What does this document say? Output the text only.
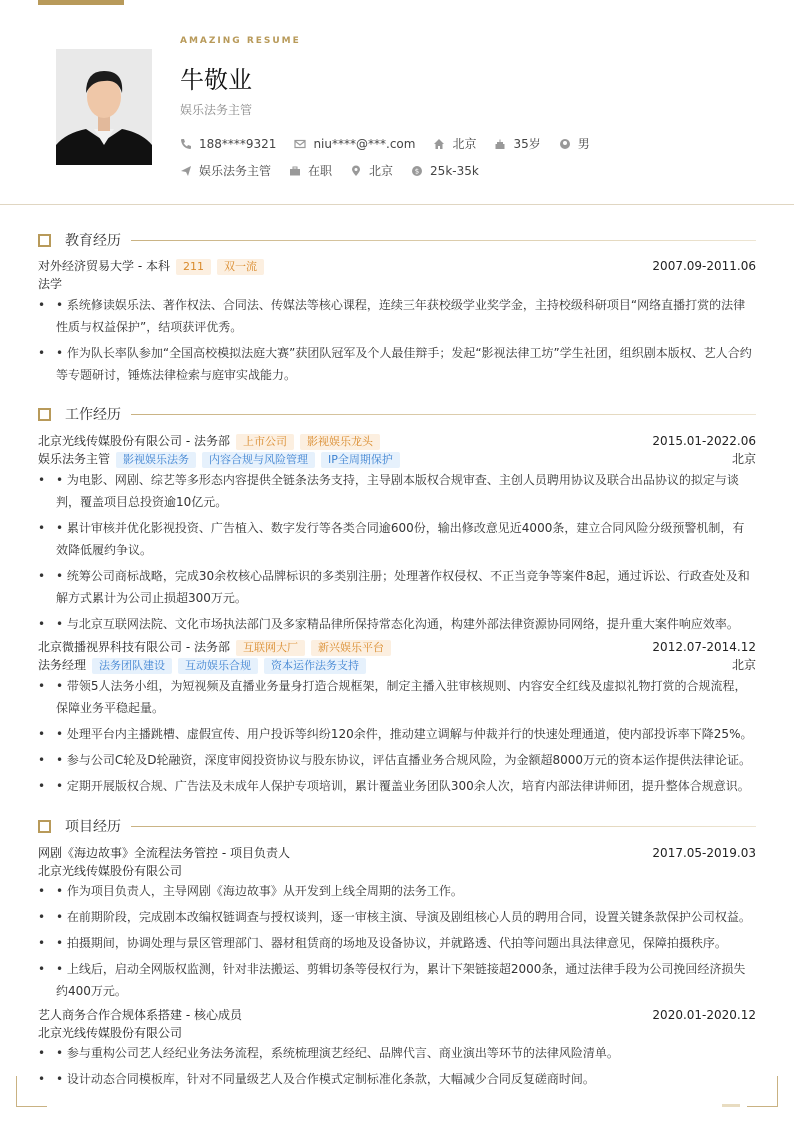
AMAZING RESUME
牛敬业
娱乐法务主管
188****9321	niu****@***.com	北京	35岁	男
娱乐法务主管	在职	北京	$ 25k-35k
教育经历
对外经济贸易大学 - 本科	211	双一流	2007.09-2011.06
法学
• • 系统修读娱乐法、著作权法、合同法、传媒法等核心课程，连续三年获校级学业奖学金，主持校级科研项目“网络直播打赏的法律性质与权益保护”，结项获评优秀。
• • 作为队长率队参加“全国高校模拟法庭大赛”获团队冠军及个人最佳辩手；发起“影视法律工坊”学生社团，组织剧本版权、艺人合约等专题研讨，锤炼法律检索与庭审实战能力。
工作经历
北京光线传媒股份有限公司 - 法务部	上市公司	影视娱乐龙头	2015.01-2022.06
娱乐法务主管	影视娱乐法务	内容合规与风险管理	IP全周期保护	北京
• • 为电影、网剧、综艺等多形态内容提供全链条法务支持，主导剧本版权合规审查、主创人员聘用协议及联合出品协议的拟定与谈判，覆盖项目总投资逾10亿元。
• • 累计审核并优化影视投资、广告植入、数字发行等各类合同逾600份，输出修改意见近4000条，建立合同风险分级预警机制，有效降低履约争议。
• • 统筹公司商标战略，完成30余枚核心品牌标识的多类别注册；处理著作权侵权、不正当竞争等案件8起，通过诉讼、行政查处及和解方式累计为公司止损超300万元。
• • 与北京互联网法院、文化市场执法部门及多家精品律所保持常态化沟通，构建外部法律资源协同网络，提升重大案件响应效率。
北京微播视界科技有限公司 - 法务部	互联网大厂	新兴娱乐平台	2012.07-2014.12
法务经理	法务团队建设	互动娱乐合规	资本运作法务支持	北京
• • 带领5人法务小组，为短视频及直播业务量身打造合规框架，制定主播入驻审核规则、内容安全红线及虚拟礼物打赏的合规流程，保障业务平稳起量。
• • 处理平台内主播跳槽、虚假宣传、用户投诉等纠纷120余件，推动建立调解与仲裁并行的快速处理通道，使内部投诉率下降25%。
• • 参与公司C轮及D轮融资，深度审阅投资协议与股东协议，评估直播业务合规风险，为金额超8000万元的资本运作提供法律论证。
• • 定期开展版权合规、广告法及未成年人保护专项培训，累计覆盖业务团队300余人次，培育内部法律讲师团，提升整体合规意识。
项目经历
网剧《海边故事》全流程法务管控 - 项目负责人	2017.05-2019.03
北京光线传媒股份有限公司
• • 作为项目负责人，主导网剧《海边故事》从开发到上线全周期的法务工作。
• • 在前期阶段，完成剧本改编权链调查与授权谈判，逐一审核主演、导演及剧组核心人员的聘用合同，设置关键条款保护公司权益。
• • 拍摄期间，协调处理与景区管理部门、器材租赁商的场地及设备协议，并就路透、代拍等问题出具法律意见，保障拍摄秩序。
• • 上线后，启动全网版权监测，针对非法搬运、剪辑切条等侵权行为，累计下架链接超2000条，通过法律手段为公司挽回经济损失约400万元。
艺人商务合作合规体系搭建 - 核心成员	2020.01-2020.12
北京光线传媒股份有限公司
• • 参与重构公司艺人经纪业务法务流程，系统梳理演艺经纪、品牌代言、商业演出等环节的法律风险清单。
• • 设计动态合同模板库，针对不同量级艺人及合作模式定制标准化条款，大幅减少合同反复磋商时间。
